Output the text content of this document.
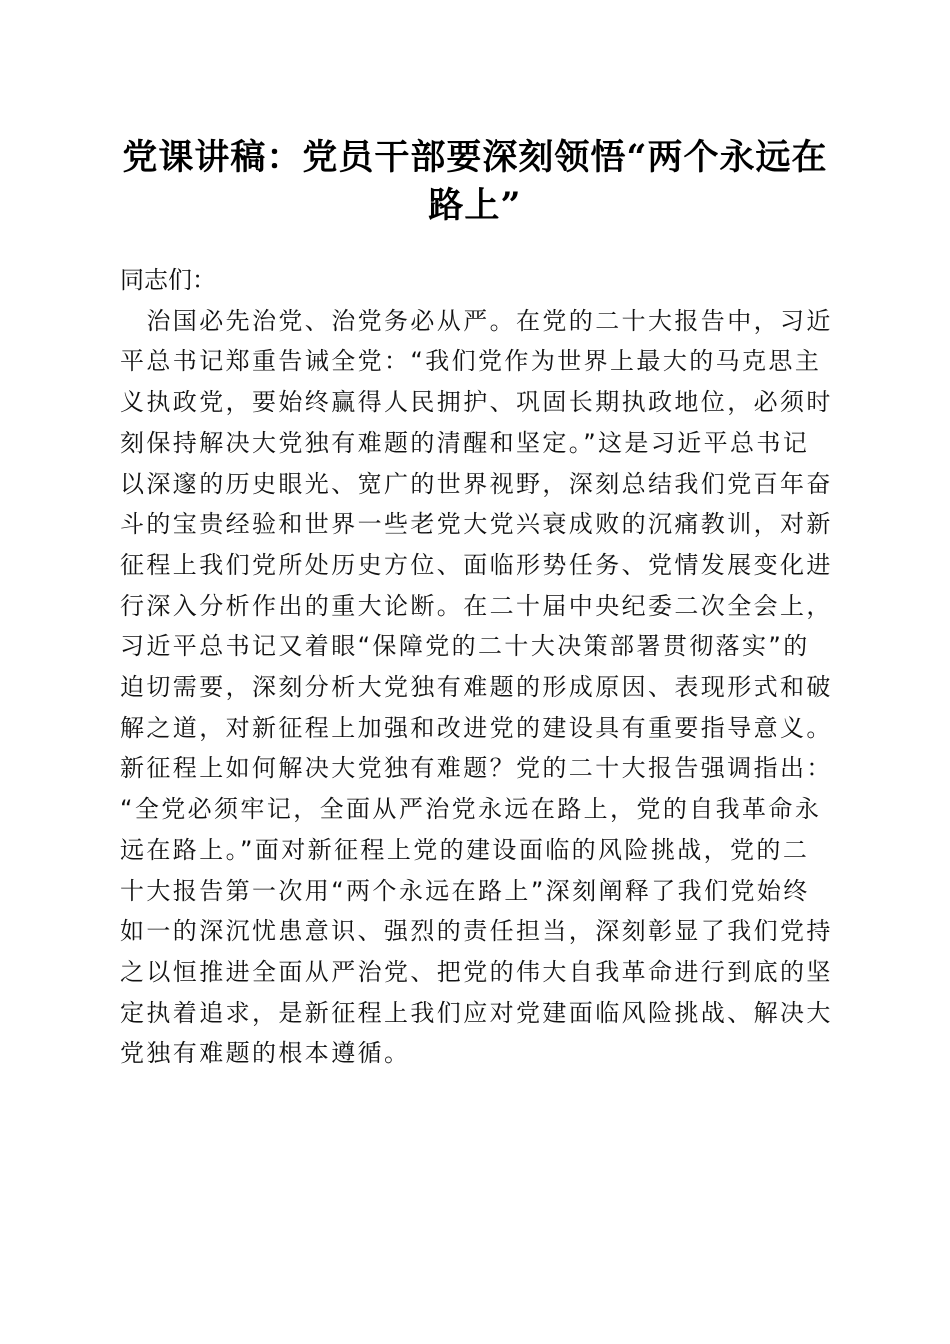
党课讲稿：党员干部要深刻领悟“两个永远在
路上”

同志们：

　治国必先治党、治党务必从严。在党的二十大报告中，习近
平总书记郑重告诫全党：“我们党作为世界上最大的马克思主
义执政党，要始终赢得人民拥护、巩固长期执政地位，必须时
刻保持解决大党独有难题的清醒和坚定。”这是习近平总书记
以深邃的历史眼光、宽广的世界视野，深刻总结我们党百年奋
斗的宝贵经验和世界一些老党大党兴衰成败的沉痛教训，对新
征程上我们党所处历史方位、面临形势任务、党情发展变化进
行深入分析作出的重大论断。在二十届中央纪委二次全会上，
习近平总书记又着眼“保障党的二十大决策部署贯彻落实”的
迫切需要，深刻分析大党独有难题的形成原因、表现形式和破
解之道，对新征程上加强和改进党的建设具有重要指导意义。
新征程上如何解决大党独有难题？党的二十大报告强调指出：
“全党必须牢记，全面从严治党永远在路上，党的自我革命永
远在路上。”面对新征程上党的建设面临的风险挑战，党的二
十大报告第一次用“两个永远在路上”深刻阐释了我们党始终
如一的深沉忧患意识、强烈的责任担当，深刻彰显了我们党持
之以恒推进全面从严治党、把党的伟大自我革命进行到底的坚
定执着追求，是新征程上我们应对党建面临风险挑战、解决大
党独有难题的根本遵循。
